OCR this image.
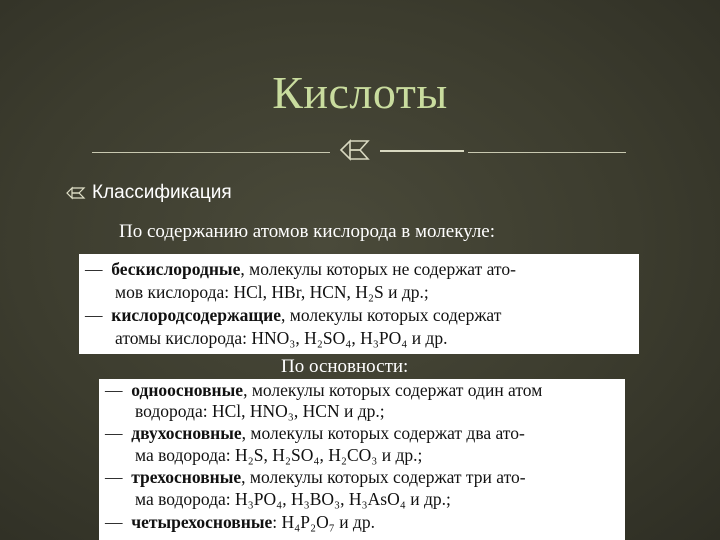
Кислоты
Классификация
По содержанию атомов кислорода в молекуле:
— бескислородные, молекулы которых не содержат ато-
мов кислорода: HCl, HBr, HCN, H₂S и др.;
— кислородсодержащие, молекулы которых содержат
атомы кислорода: HNO₃, H₂SO₄, H₃PO₄ и др.
По основности:
— одноосновные, молекулы которых содержат один атом
водорода: HCl, HNO₃, HCN и др.;
— двухосновные, молекулы которых содержат два ато-
ма водорода: H₂S, H₂SO₄, H₂CO₃ и др.;
— трехосновные, молекулы которых содержат три ато-
ма водорода: H₃PO₄, H₃BO₃, H₃AsO₄ и др.;
— четырехосновные: H₄P₂O₇ и др.
